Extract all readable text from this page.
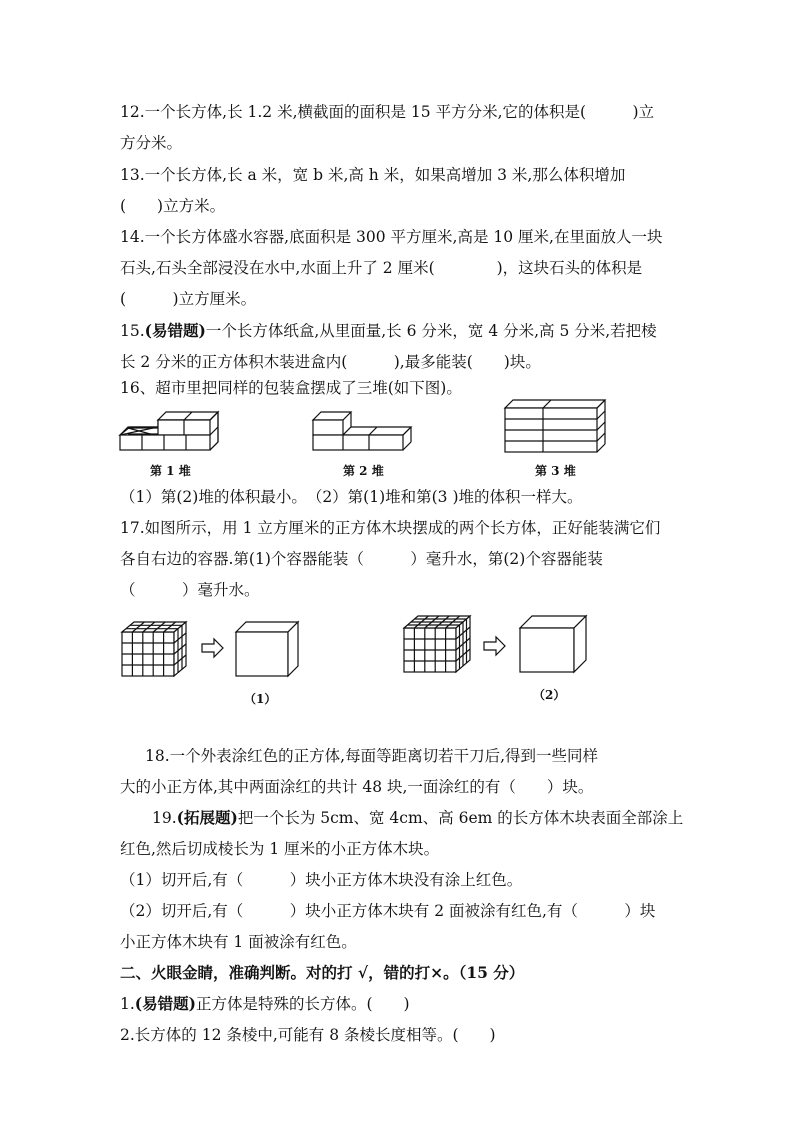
12.一个长方体,长 1.2 米,横截面的面积是 15 平方分米,它的体积是(　　　)立
方分米。
13.一个长方体,长 a 米，宽 b 米,高 h 米，如果高增加 3 米,那么体积增加
(　　)立方米。
14.一个长方体盛水容器,底面积是 300 平方厘米,高是 10 厘米,在里面放人一块
石头,石头全部浸没在水中,水面上升了 2 厘米(　　　　)，这块石头的体积是
(　　　)立方厘米。
15.(易错题)一个长方体纸盒,从里面量,长 6 分米，宽 4 分米,高 5 分米,若把棱
长 2 分米的正方体积木装进盒内(　　　),最多能装(　　)块。
16、超市里把同样的包装盒摆成了三堆(如下图)。
第 1 堆	第 2 堆	第 3 堆
（1）第(2)堆的体积最小。　（2）第(1)堆和第(3 )堆的体积一样大。
17.如图所示，用 1 立方厘米的正方体木块摆成的两个长方体，正好能装满它们
各自右边的容器.第(1)个容器能装（　　　）毫升水，第(2)个容器能装
（　　　）毫升水。
（1）	（2）
18.一个外表涂红色的正方体,每面等距离切若干刀后,得到一些同样
大的小正方体,其中两面涂红的共计 48 块,一面涂红的有（　　）块。
19.(拓展题)把一个长为 5cm、宽 4cm、高 6em 的长方体木块表面全部涂上
红色,然后切成棱长为 1 厘米的小正方体木块。
（1）切开后,有（　　　）块小正方体木块没有涂上红色。
（2）切开后,有（　　　）块小正方体木块有 2 面被涂有红色,有（　　　）块
小正方体木块有 1 面被涂有红色。
二、火眼金睛，准确判断。对的打 √，错的打×。（15 分）
1.(易错题)正方体是特殊的长方体。(　　)
2.长方体的 12 条棱中,可能有 8 条棱长度相等。(　　)
